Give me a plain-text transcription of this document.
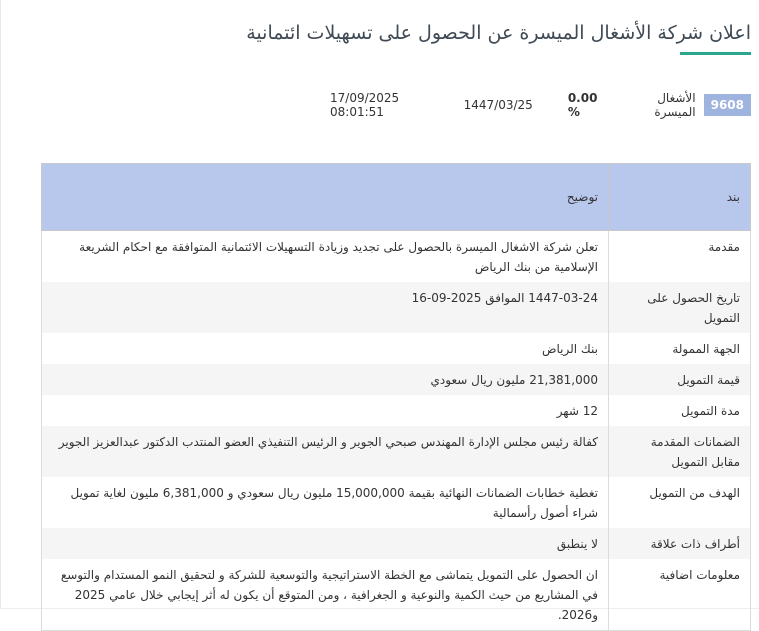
اعلان شركة الأشغال الميسرة عن الحصول على تسهيلات ائتمانية
9608
الأشغال الميسرة
0.00 %
1447/03/25
17/09/2025 08:01:51
بند	توضيح
مقدمة	تعلن شركة الاشغال الميسرة بالحصول على تجديد وزيادة التسهيلات الائتمانية المتوافقة مع احكام الشريعة الإسلامية من بنك الرياض
تاريخ الحصول على التمويل	1447-03-24 الموافق 2025-09-16
الجهة الممولة	بنك الرياض
قيمة التمويل	21,381,000 مليون ريال سعودي
مدة التمويل	12 شهر
الضمانات المقدمة مقابل التمويل	كفالة رئيس مجلس الإدارة المهندس صبحي الجوير و الرئيس التنفيذي العضو المنتدب الدكتور عبدالعزيز الجوير
الهدف من التمويل	تغطية خطابات الضمانات النهائية بقيمة 15,000,000 مليون ريال سعودي و 6,381,000 مليون لغاية تمويل شراء أصول رأسمالية
أطراف ذات علاقة	لا ينطبق
معلومات اضافية	ان الحصول على التمويل يتماشى مع الخطة الاستراتيجية والتوسعية للشركة و لتحقيق النمو المستدام والتوسع في المشاريع من حيث الكمية والنوعية و الجغرافية ، ومن المتوقع أن يكون له أثر إيجابي خلال عامي 2025 و2026.
